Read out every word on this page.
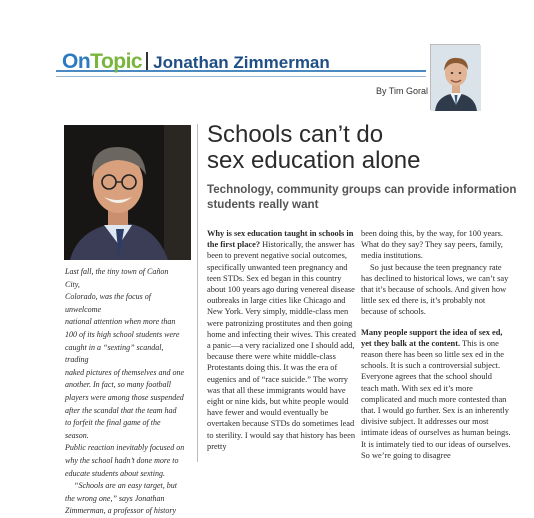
On Topic Jonathan Zimmerman
By Tim Goral

Last fall, the tiny town of Cañon City,

Colorado, was the focus of unwelcome

national attention when more than

100 of its high school students were

caught in a “sexting” scandal, trading

naked pictures of themselves and one

another. In fact, so many football

players were among those suspended

after the scandal that the team had

to forfeit the final game of the season.

Public reaction inevitably focused on

why the school hadn’t done more to

educate students about sexting.

“Schools are an easy target, but

the wrong one,” says Jonathan

Zimmerman, a professor of history

Schools can’t do
sex education alone
Technology, community groups can provide information students really want

Why is sex education taught in schools in the first place? Historically, the answer has been to prevent negative social outcomes, specifically unwanted teen pregnancy and teen STDs. Sex ed began in this country about 100 years ago during venereal disease outbreaks in large cities like Chicago and New York. Very simply, middle-class men were patronizing prostitutes and then going home and infecting their wives. This created a panic—a very racialized one I should add, because there were white middle-class Protestants doing this. It was the era of eugenics and of “race suicide.” The worry was that all these immigrants would have eight or nine kids, but white people would have fewer and would eventually be overtaken because STDs do sometimes lead to sterility. I would say that history has been pretty

been doing this, by the way, for 100 years. What do they say? They say peers, family, media institutions.

So just because the teen pregnancy rate has declined to historical lows, we can’t say that it’s because of schools. And given how little sex ed there is, it’s probably not because of schools.

Many people support the idea of sex ed, yet they balk at the content. This is one reason there has been so little sex ed in the schools. It is such a controversial subject. Everyone agrees that the school should teach math. With sex ed it’s more complicated and much more contested than that. I would go further. Sex is an inherently divisive subject. It addresses our most intimate ideas of ourselves as human beings. It is intimately tied to our ideas of ourselves. So we’re going to disagree
